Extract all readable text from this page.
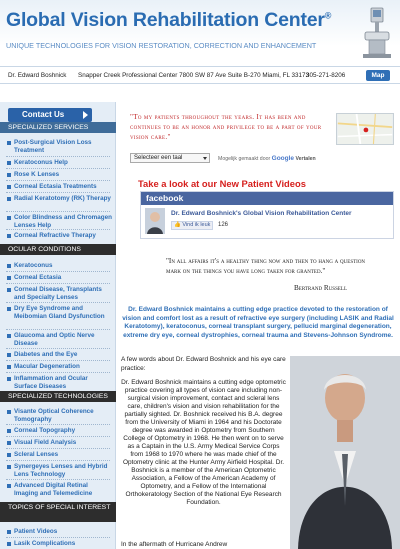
Global Vision Rehabilitation Center®
UNIQUE TECHNOLOGIES FOR VISION RESTORATION, CORRECTION AND ENHANCEMENT
Dr. Edward Boshnick Snapper Creek Professional Center 7800 SW 87 Ave Suite B-270 Miami, FL 33173
305-271-8206	Map
Contact Us
SPECIALIZED SERVICES
Post-Surgical Vision Loss Treatment
Keratoconus Help
Rose K Lenses
Corneal Ectasia Treatments
Radial Keratotomy (RK) Therapy
Color Blindness and Chromagen Lenses Help
Corneal Refractive Therapy
OCULAR CONDITIONS
Keratoconus
Corneal Ectasia
Corneal Disease, Transplants and Specialty Lenses
Dry Eye Syndrome and Meibomian Gland Dysfunction
Glaucoma and Optic Nerve Disease
Diabetes and the Eye
Macular Degeneration
Inflammation and Ocular Surface Diseases
SPECIALIZED TECHNOLOGIES
Visante Optical Coherence Tomography
Corneal Topography
Visual Field Analysis
Scleral Lenses
Synergeyes Lenses and Hybrid Lens Technology
Advanced Digital Retinal Imaging and Telemedicine
TOPICS OF SPECIAL INTEREST
Patient Videos
Lasik Complications
"To my patients throughout the years. It has been and continues to be an honor and privilege to be a part of your vision care."
Selecteer een taal	Mogelijk gemaakt door Google Vertalen
Take a look at our New Patient Videos
facebook
Dr. Edward Boshnick's Global Vision Rehabilitation Center
👍 Vind ik leuk	126
"In all affairs it's a healthy thing now and then to hang a question mark on the things you have long taken for granted."
Bertrand Russell
Dr. Edward Boshnick maintains a cutting edge practice devoted to the restoration of vision and comfort lost as a result of refractive eye surgery (including LASIK and Radial Keratotomy), keratoconus, corneal transplant surgery, pellucid marginal degeneration, extreme dry eye, corneal dystrophies, corneal trauma and Stevens-Johnson Syndrome.
A few words about Dr. Edward Boshnick and his eye care practice:
Dr. Edward Boshnick maintains a cutting edge optometric practice covering all types of vision care including non-surgical vision improvement, contact and scleral lens care, children's vision and vision rehabilitation for the partially sighted. Dr. Boshnick received his B.A. degree from the University of Miami in 1964 and his Doctorate degree was awarded in Optometry from Southern College of Optometry in 1968. He then went on to serve as a Captain in the U.S. Army Medical Service Corps from 1968 to 1970 where he was made chief of the Optometry clinic at the Hunter Army Airfield Hospital. Dr. Boshnick is a member of the American Optometric Association, a Fellow of the American Academy of Optometry, and a Fellow of the International Orthokeratology Section of the National Eye Research Foundation.
In the aftermath of Hurricane Andrew
